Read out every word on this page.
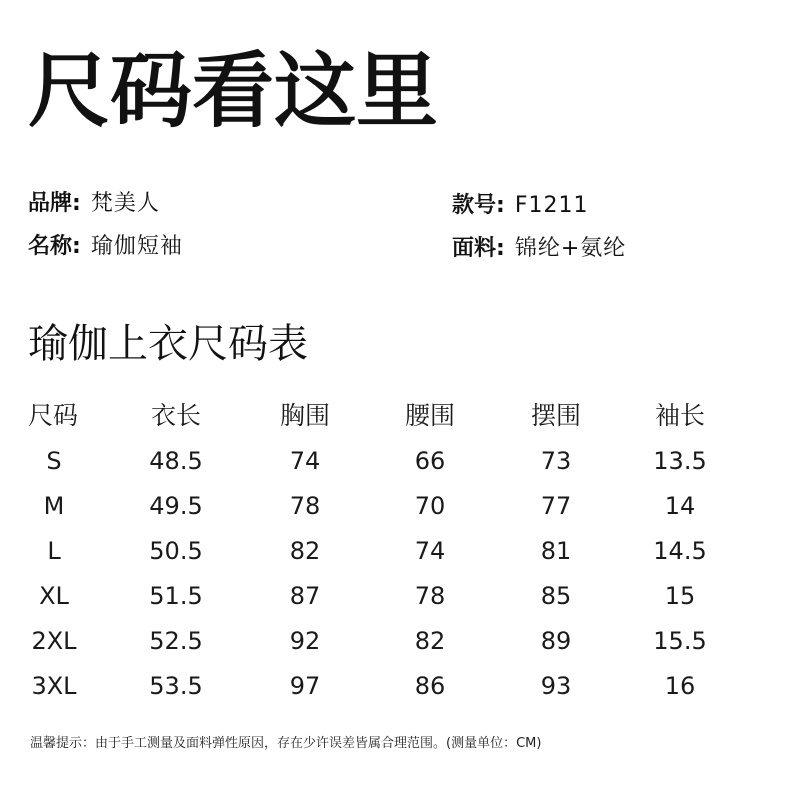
尺码看这里
品牌: 梵美人
名称: 瑜伽短袖
款号: F1211
面料: 锦纶+氨纶
瑜伽上衣尺码表
尺码	衣长	胸围	腰围	摆围	袖长
S	48.5	74	66	73	13.5
M	49.5	78	70	77	14
L	50.5	82	74	81	14.5
XL	51.5	87	78	85	15
2XL	52.5	92	82	89	15.5
3XL	53.5	97	86	93	16
温馨提示：由于手工测量及面料弹性原因，存在少许误差皆属合理范围。(测量单位：CM)
